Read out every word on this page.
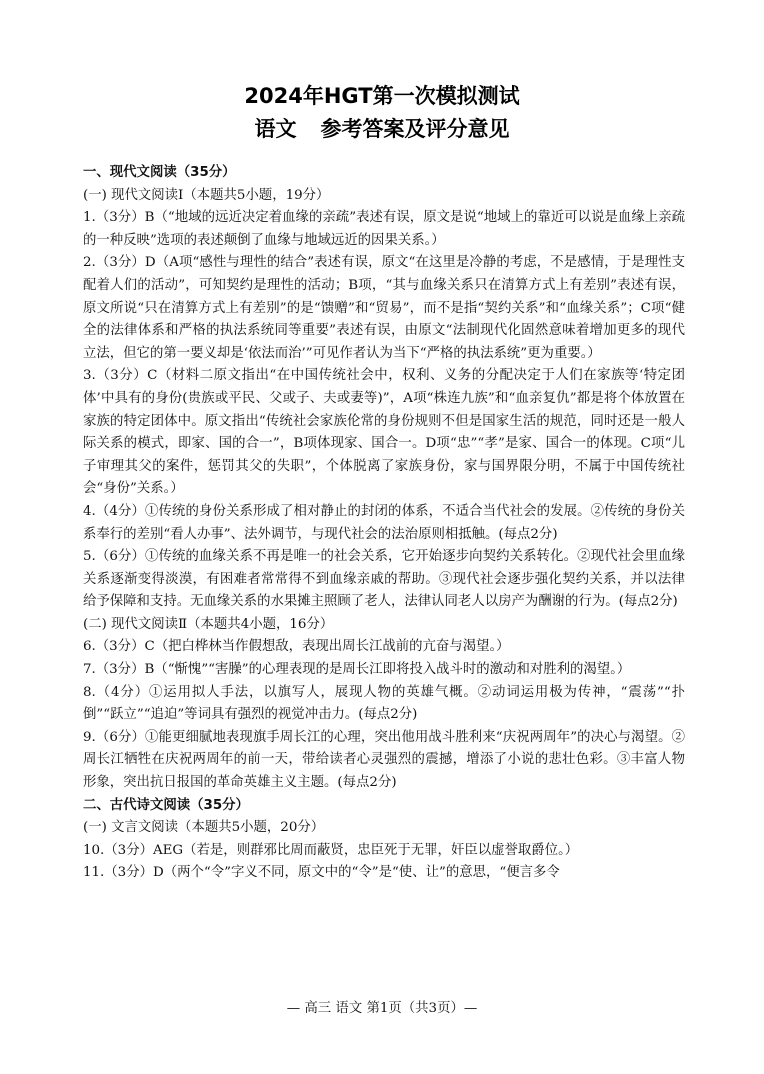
2024年HGT第一次模拟测试
语文 参考答案及评分意见

一、现代文阅读（35分）

(一) 现代文阅读Ⅰ（本题共5小题，19分）

1.（3分）B（“地域的远近决定着血缘的亲疏”表述有误，原文是说“地域上的靠近可以说是血缘上亲疏的一种反映”选项的表述颠倒了血缘与地域远近的因果关系。）

2.（3分）D（A项“感性与理性的结合”表述有误，原文“在这里是冷静的考虑，不是感情，于是理性支配着人们的活动”，可知契约是理性的活动；B项，“其与血缘关系只在清算方式上有差别”表述有误，原文所说“只在清算方式上有差别”的是“馈赠”和“贸易”，而不是指“契约关系”和“血缘关系”；C项“健全的法律体系和严格的执法系统同等重要”表述有误，由原文“法制现代化固然意味着增加更多的现代立法，但它的第一要义却是‘依法而治’”可见作者认为当下“严格的执法系统”更为重要。）

3.（3分）C（材料二原文指出“在中国传统社会中，权利、义务的分配决定于人们在家族等‘特定团体’中具有的身份(贵族或平民、父或子、夫或妻等)”，A项“株连九族”和“血亲复仇”都是将个体放置在家族的特定团体中。原文指出“传统社会家族伦常的身份规则不但是国家生活的规范，同时还是一般人际关系的模式，即家、国的合一”，B项体现家、国合一。D项“忠”“孝”是家、国合一的体现。C项“儿子审理其父的案件，惩罚其父的失职”，个体脱离了家族身份，家与国界限分明，不属于中国传统社会“身份”关系。）

4.（4分）①传统的身份关系形成了相对静止的封闭的体系，不适合当代社会的发展。②传统的身份关系奉行的差别“看人办事”、法外调节，与现代社会的法治原则相抵触。(每点2分)

5.（6分）①传统的血缘关系不再是唯一的社会关系，它开始逐步向契约关系转化。②现代社会里血缘关系逐渐变得淡漠，有困难者常常得不到血缘亲戚的帮助。③现代社会逐步强化契约关系，并以法律给予保障和支持。无血缘关系的水果摊主照顾了老人，法律认同老人以房产为酬谢的行为。(每点2分)

(二) 现代文阅读Ⅱ（本题共4小题，16分）

6.（3分）C（把白桦林当作假想敌，表现出周长江战前的亢奋与渴望。）

7.（3分）B（“惭愧”“害臊”的心理表现的是周长江即将投入战斗时的激动和对胜利的渴望。）

8.（4分）①运用拟人手法，以旗写人，展现人物的英雄气概。②动词运用极为传神，“震荡”“扑倒”“跃立”“追迫”等词具有强烈的视觉冲击力。(每点2分)

9.（6分）①能更细腻地表现旗手周长江的心理，突出他用战斗胜利来“庆祝两周年”的决心与渴望。②周长江牺牲在庆祝两周年的前一天，带给读者心灵强烈的震撼，增添了小说的悲壮色彩。③丰富人物形象，突出抗日报国的革命英雄主义主题。(每点2分)

二、古代诗文阅读（35分）

(一) 文言文阅读（本题共5小题，20分）

10.（3分）AEG（若是，则群邪比周而蔽贤，忠臣死于无罪，奸臣以虚誉取爵位。）

11.（3分）D（两个“令”字义不同，原文中的“令”是“使、让”的意思，“便言多令

— 高三 语文 第1页（共3页）—
